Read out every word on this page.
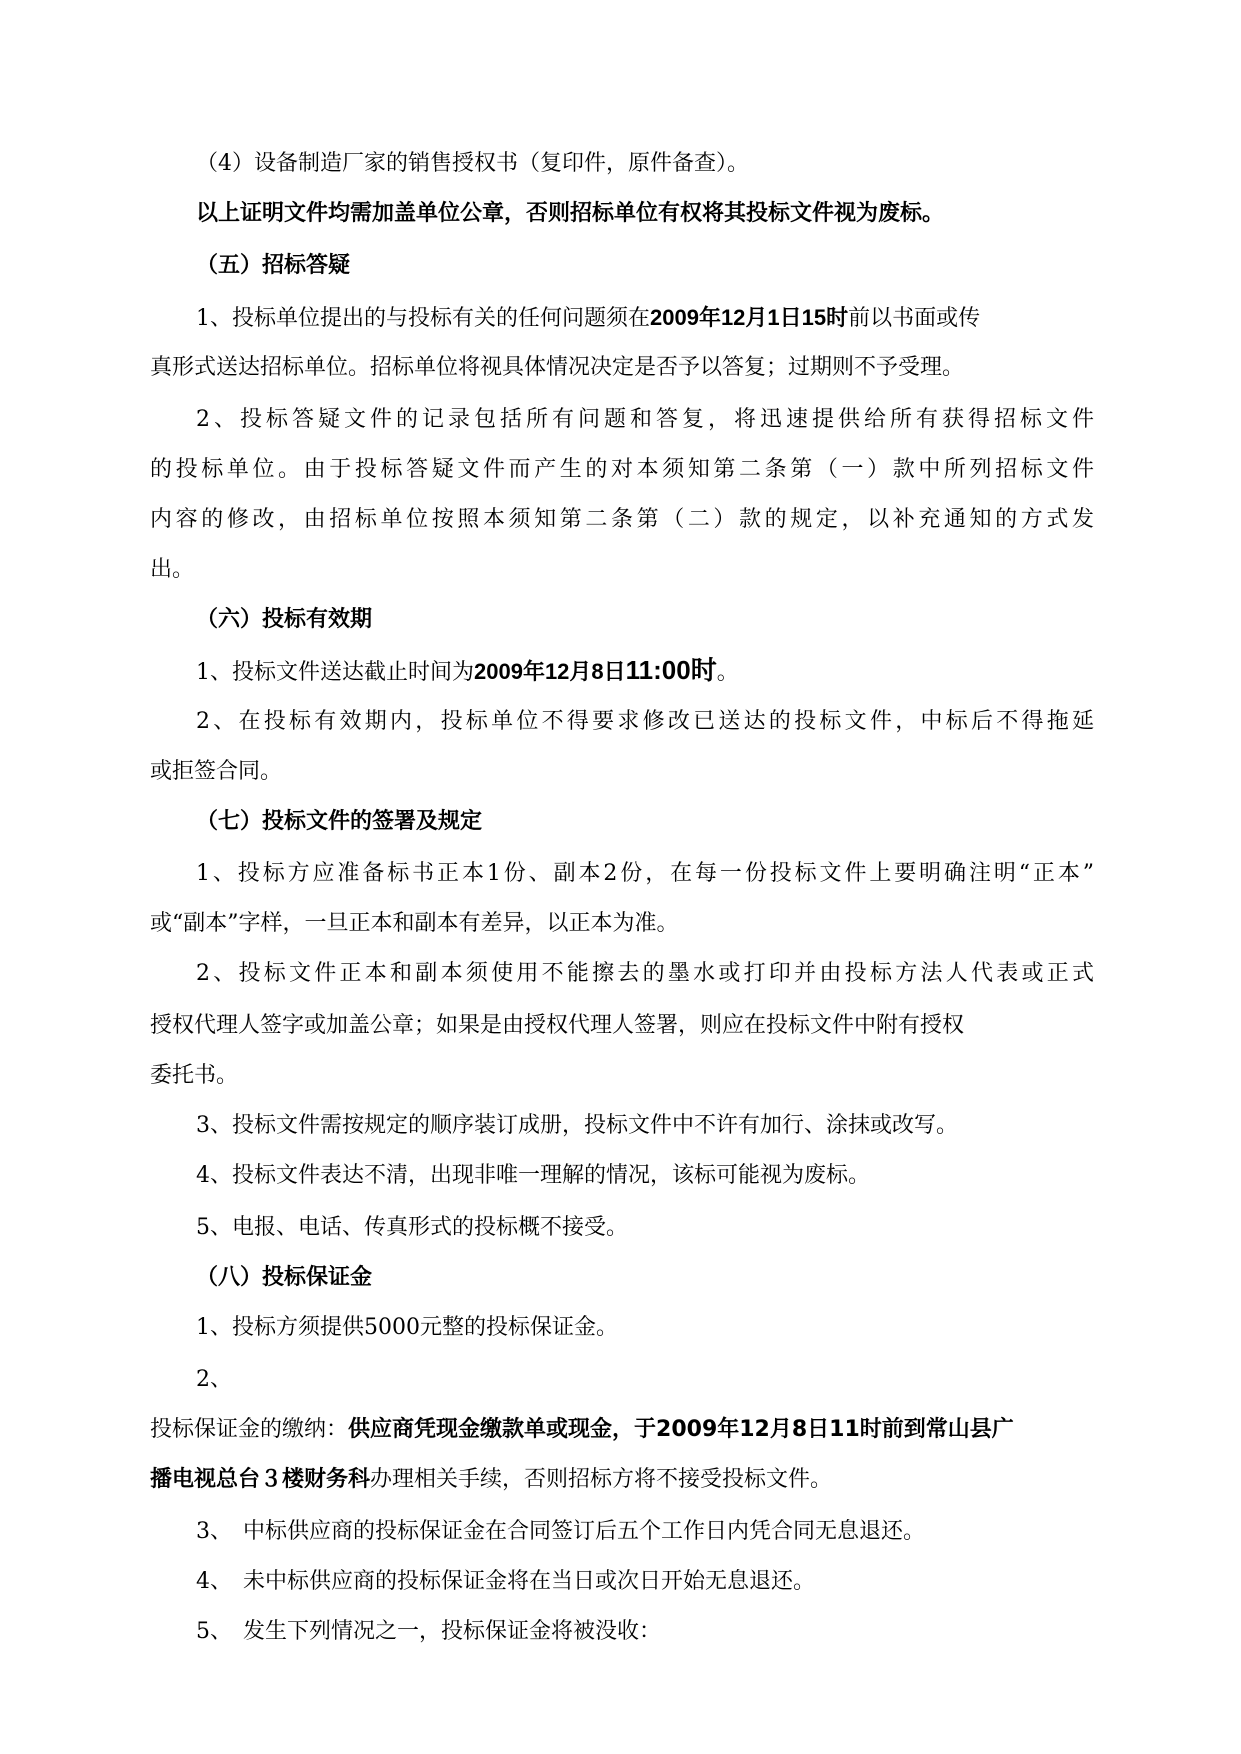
（4）设备制造厂家的销售授权书（复印件，原件备查）。
以上证明文件均需加盖单位公章，否则招标单位有权将其投标文件视为废标。
（五）招标答疑
1、投标单位提出的与投标有关的任何问题须在2009年12月1日15时前以书面或传
真形式送达招标单位。招标单位将视具体情况决定是否予以答复；过期则不予受理。
2、投标答疑文件的记录包括所有问题和答复，将迅速提供给所有获得招标文件
的投标单位。由于投标答疑文件而产生的对本须知第二条第（一）款中所列招标文件
内容的修改，由招标单位按照本须知第二条第（二）款的规定，以补充通知的方式发
出。
（六）投标有效期
1、投标文件送达截止时间为2009年12月8日11:00时。
2、在投标有效期内，投标单位不得要求修改已送达的投标文件，中标后不得拖延
或拒签合同。
（七）投标文件的签署及规定
1、投标方应准备标书正本1份、副本2份，在每一份投标文件上要明确注明“正本”
或“副本”字样，一旦正本和副本有差异，以正本为准。
2、投标文件正本和副本须使用不能擦去的墨水或打印并由投标方法人代表或正式
授权代理人签字或加盖公章；如果是由授权代理人签署，则应在投标文件中附有授权
委托书。
3、投标文件需按规定的顺序装订成册，投标文件中不许有加行、涂抹或改写。
4、投标文件表达不清，出现非唯一理解的情况，该标可能视为废标。
5、电报、电话、传真形式的投标概不接受。
（八）投标保证金
1、投标方须提供5000元整的投标保证金。
2、
投标保证金的缴纳：供应商凭现金缴款单或现金，于2009年12月8日11时前到常山县广
播电视总台３楼财务科办理相关手续，否则招标方将不接受投标文件。
3、　中标供应商的投标保证金在合同签订后五个工作日内凭合同无息退还。
4、　未中标供应商的投标保证金将在当日或次日开始无息退还。
5、　发生下列情况之一，投标保证金将被没收：
